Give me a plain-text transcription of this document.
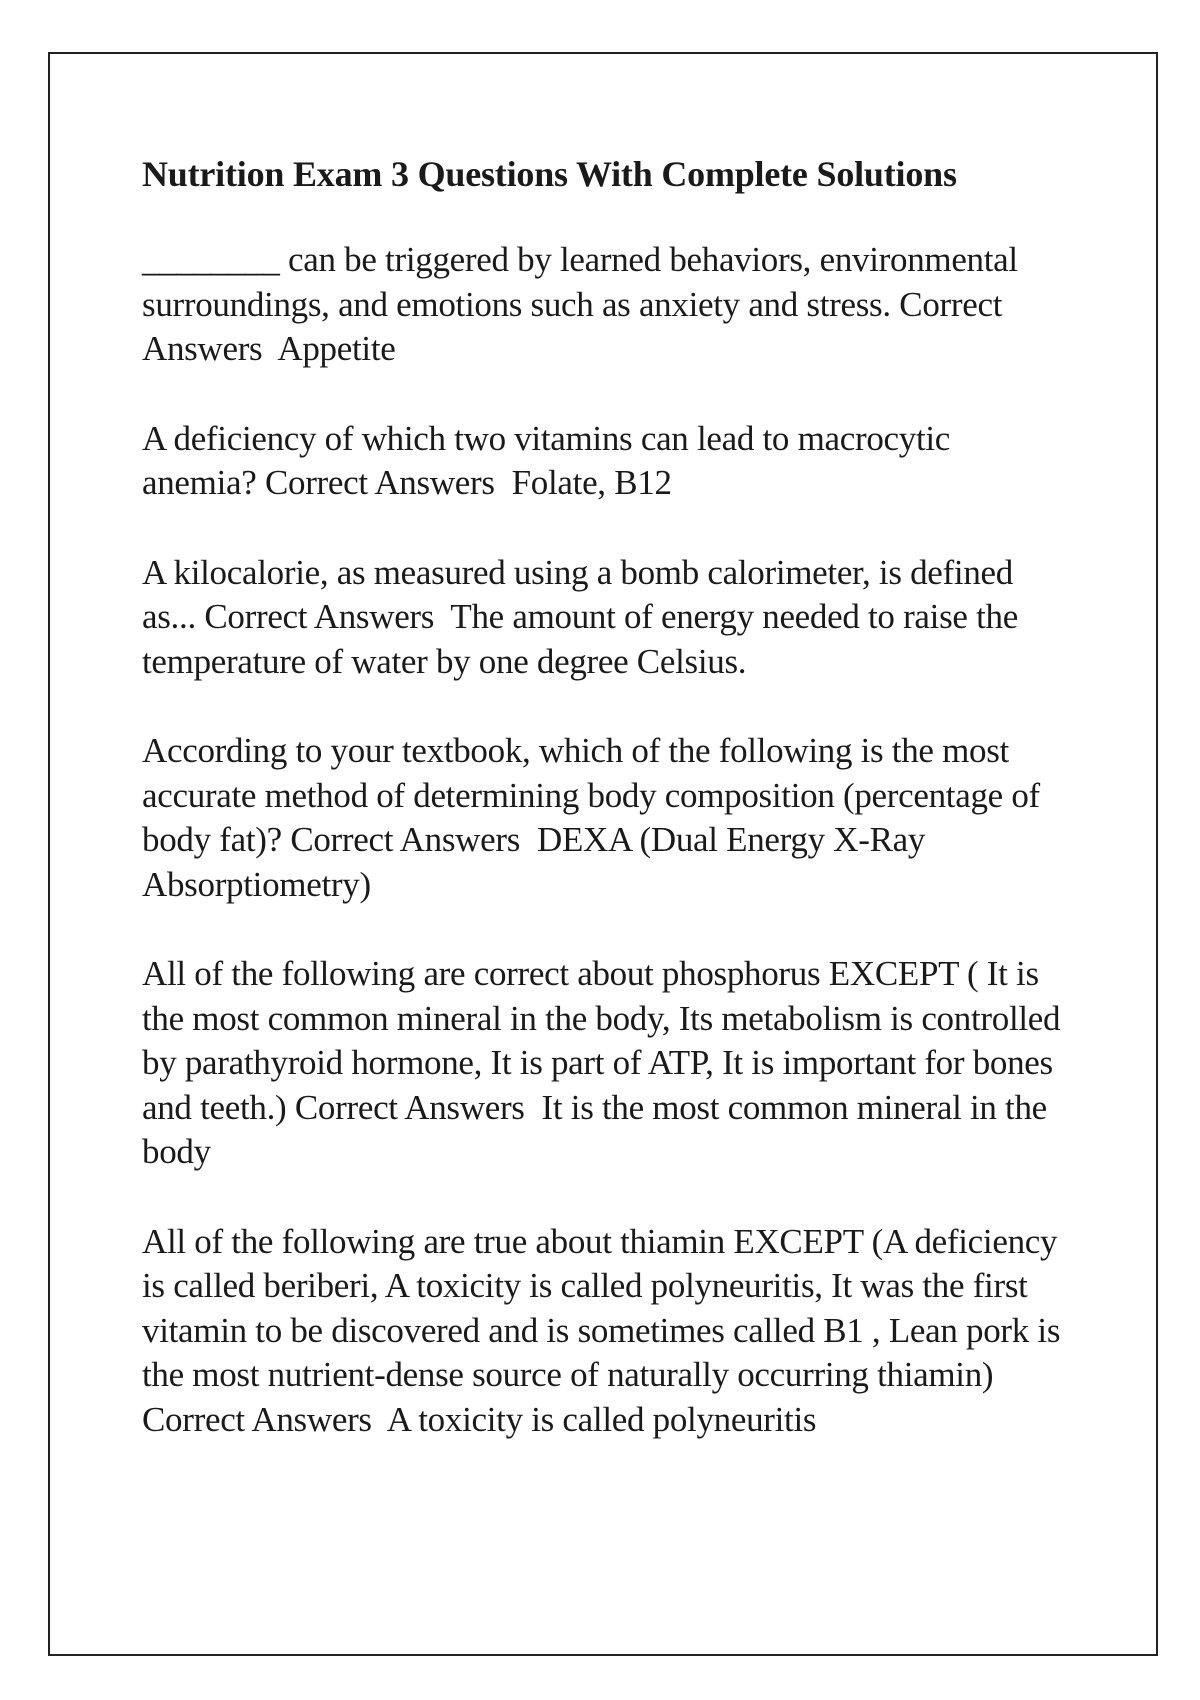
Nutrition Exam 3 Questions With Complete Solutions

________ can be triggered by learned behaviors, environmental surroundings, and emotions such as anxiety and stress. Correct Answers Appetite

A deficiency of which two vitamins can lead to macrocytic anemia? Correct Answers Folate, B12

A kilocalorie, as measured using a bomb calorimeter, is defined as... Correct Answers The amount of energy needed to raise the temperature of water by one degree Celsius.

According to your textbook, which of the following is the most accurate method of determining body composition (percentage of body fat)? Correct Answers DEXA (Dual Energy X-Ray Absorptiometry)

All of the following are correct about phosphorus EXCEPT ( It is the most common mineral in the body, Its metabolism is controlled by parathyroid hormone, It is part of ATP, It is important for bones and teeth.) Correct Answers It is the most common mineral in the body

All of the following are true about thiamin EXCEPT (A deficiency is called beriberi, A toxicity is called polyneuritis, It was the first vitamin to be discovered and is sometimes called B1 , Lean pork is the most nutrient-dense source of naturally occurring thiamin) Correct Answers A toxicity is called polyneuritis
